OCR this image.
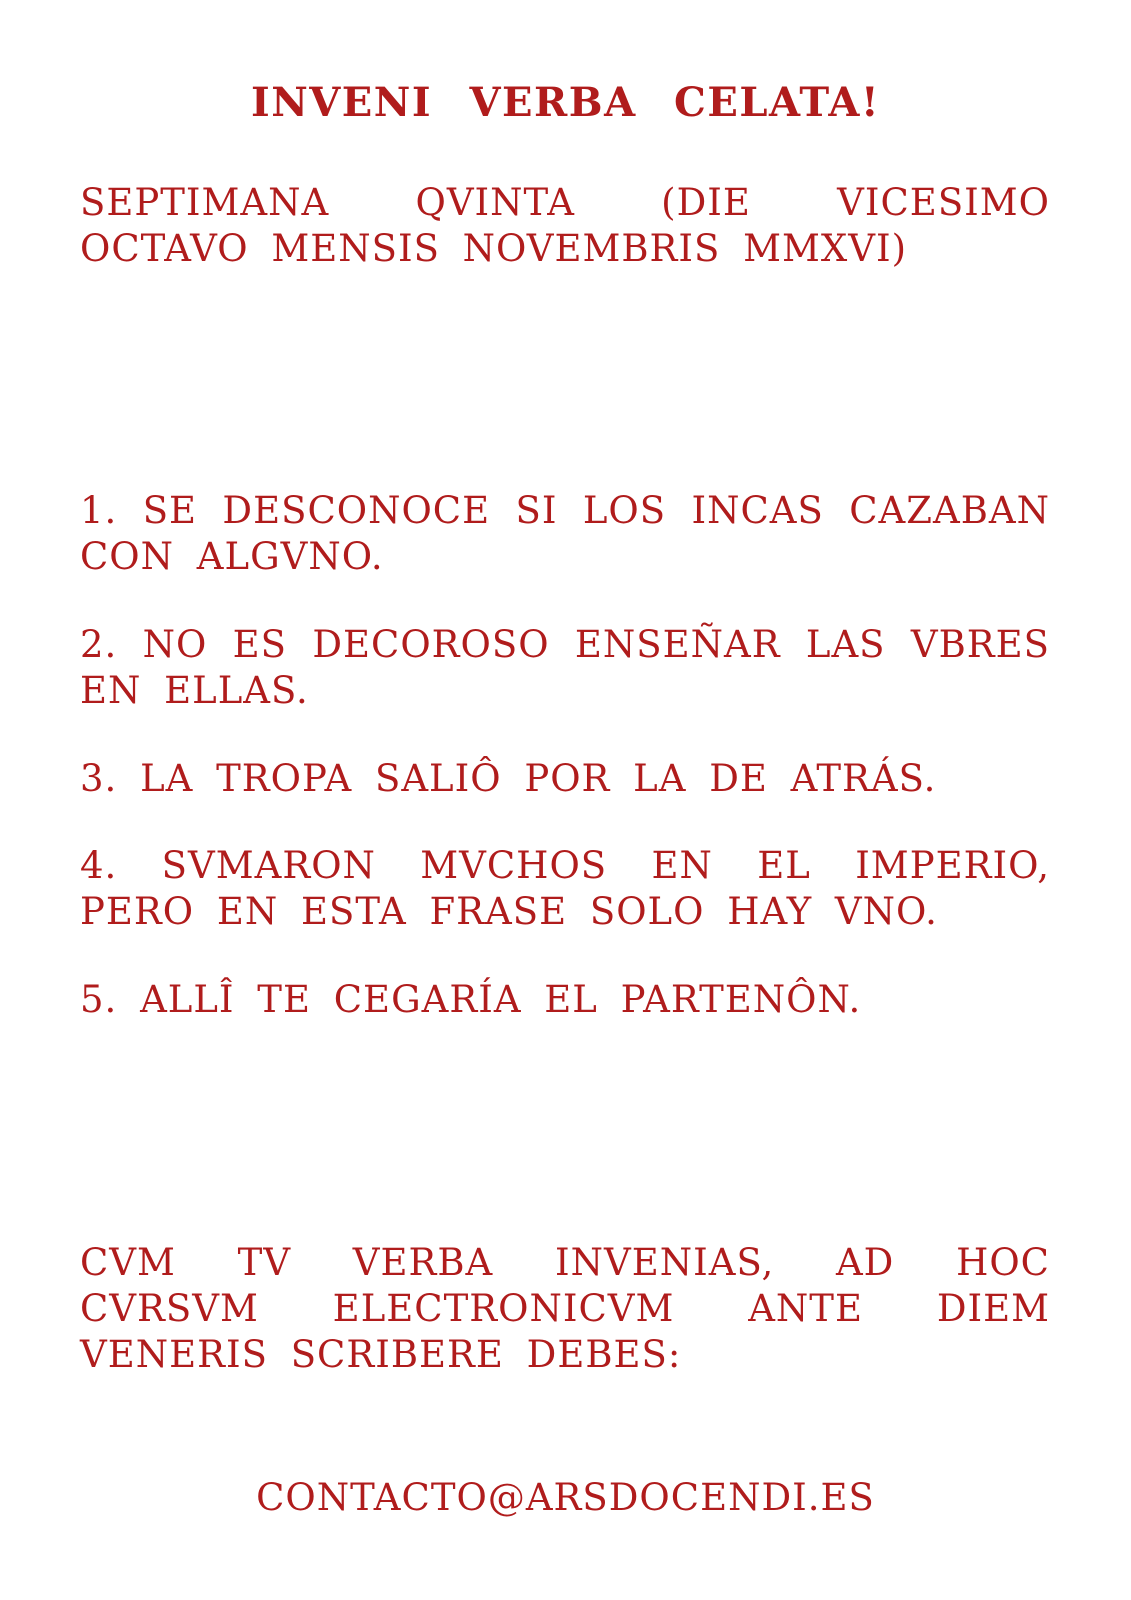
INVENI VERBA CELATA!

SEPTIMANA QVINTA (DIE VICESIMO OCTAVO MENSIS NOVEMBRIS MMXVI)

1. SE DESCONOCE SI LOS INCAS CAZABAN CON ALGVNO.

2. NO ES DECOROSO ENSEÑAR LAS VBRES EN ELLAS.

3. LA TROPA SALIÔ POR LA DE ATRÁS.

4. SVMARON MVCHOS EN EL IMPERIO, PERO EN ESTA FRASE SOLO HAY VNO.

5. ALLÎ TE CEGARÍA EL PARTENÔN.

CVM TV VERBA INVENIAS, AD HOC CVRSVM ELECTRONICVM ANTE DIEM VENERIS SCRIBERE DEBES:

CONTACTO@ARSDOCENDI.ES
